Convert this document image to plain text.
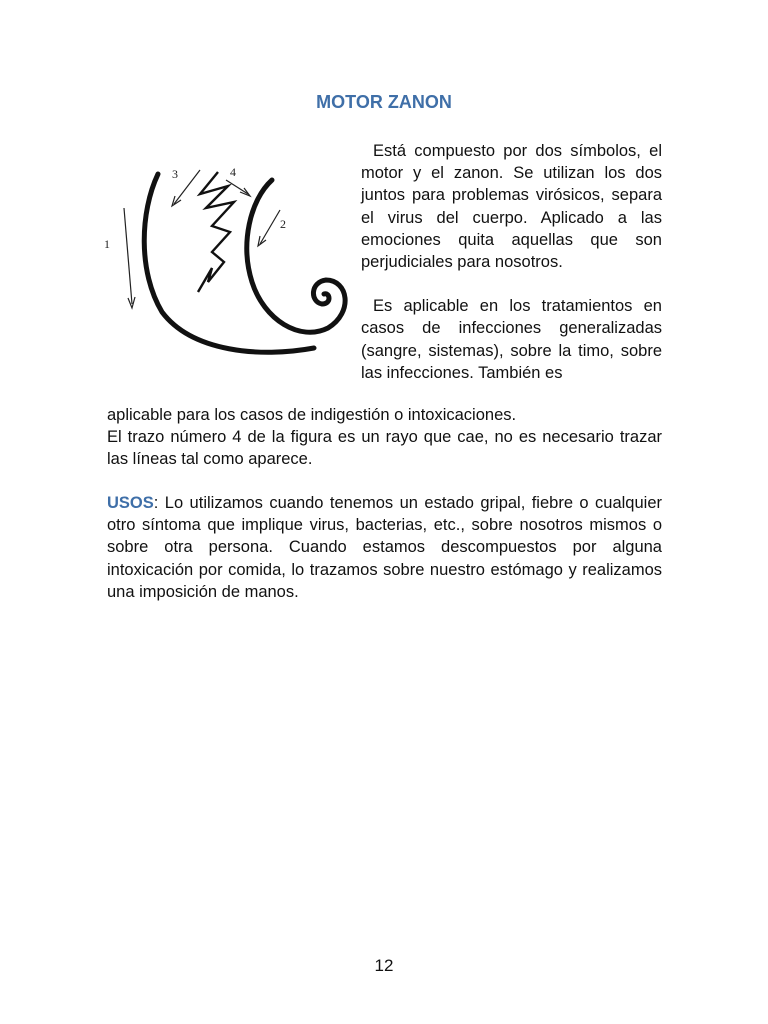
MOTOR ZANON
1
2
3	4

Está compuesto por dos símbolos, el motor y el zanon. Se utilizan los dos juntos para problemas virósicos, separa el virus del cuerpo. Aplicado a las emociones quita aquellas que son perjudiciales para nosotros.

Es aplicable en los tratamientos en casos de infecciones generalizadas (sangre, sistemas), sobre la timo, sobre las infecciones. También es

aplicable para los casos de indigestión o intoxicaciones.
El trazo número 4 de la figura es un rayo que cae, no es necesario trazar las líneas tal como aparece.

USOS: Lo utilizamos cuando tenemos un estado gripal, fiebre o cualquier otro síntoma que implique virus, bacterias, etc., sobre nosotros mismos o sobre otra persona. Cuando estamos descompuestos por alguna intoxicación por comida, lo trazamos sobre nuestro estómago y realizamos una imposición de manos.

12
